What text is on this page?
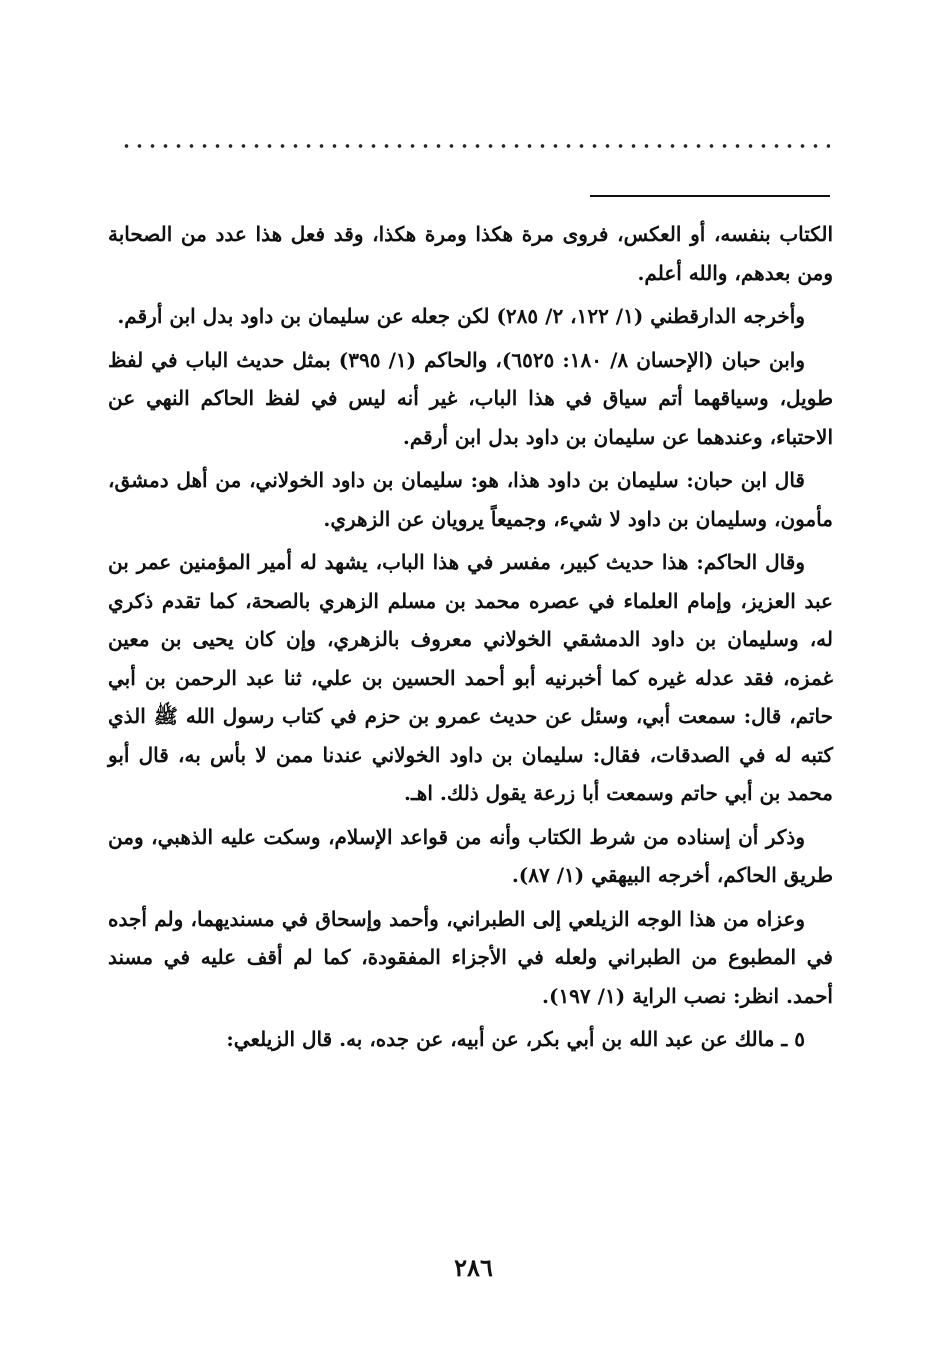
الكتاب بنفسه، أو العكس، فروى مرة هكذا ومرة هكذا، وقد فعل هذا عدد من الصحابة ومن بعدهم، والله أعلم.

وأخرجه الدارقطني (١/ ١٢٢، ٢/ ٢٨٥) لكن جعله عن سليمان بن داود بدل ابن أرقم.

وابن حبان (الإحسان ٨/ ١٨٠: ٦٥٢٥)، والحاكم (١/ ٣٩٥) بمثل حديث الباب في لفظ طويل، وسياقهما أتم سياق في هذا الباب، غير أنه ليس في لفظ الحاكم النهي عن الاحتباء، وعندهما عن سليمان بن داود بدل ابن أرقم.

قال ابن حبان: سليمان بن داود هذا، هو: سليمان بن داود الخولاني، من أهل دمشق، مأمون، وسليمان بن داود لا شيء، وجميعاً يرويان عن الزهري.

وقال الحاكم: هذا حديث كبير، مفسر في هذا الباب، يشهد له أمير المؤمنين عمر بن عبد العزيز، وإمام العلماء في عصره محمد بن مسلم الزهري بالصحة، كما تقدم ذكري له، وسليمان بن داود الدمشقي الخولاني معروف بالزهري، وإن كان يحيى بن معين غمزه، فقد عدله غيره كما أخبرنيه أبو أحمد الحسين بن علي، ثنا عبد الرحمن بن أبي حاتم، قال: سمعت أبي، وسئل عن حديث عمرو بن حزم في كتاب رسول الله ﷺ الذي كتبه له في الصدقات، فقال: سليمان بن داود الخولاني عندنا ممن لا بأس به، قال أبو محمد بن أبي حاتم وسمعت أبا زرعة يقول ذلك. اهـ.

وذكر أن إسناده من شرط الكتاب وأنه من قواعد الإسلام، وسكت عليه الذهبي، ومن طريق الحاكم، أخرجه البيهقي (١/ ٨٧).

وعزاه من هذا الوجه الزيلعي إلى الطبراني، وأحمد وإسحاق في مسنديهما، ولم أجده في المطبوع من الطبراني ولعله في الأجزاء المفقودة، كما لم أقف عليه في مسند أحمد. انظر: نصب الراية (١/ ١٩٧).

٥ ـ مالك عن عبد الله بن أبي بكر، عن أبيه، عن جده، به. قال الزيلعي:

٢٨٦
